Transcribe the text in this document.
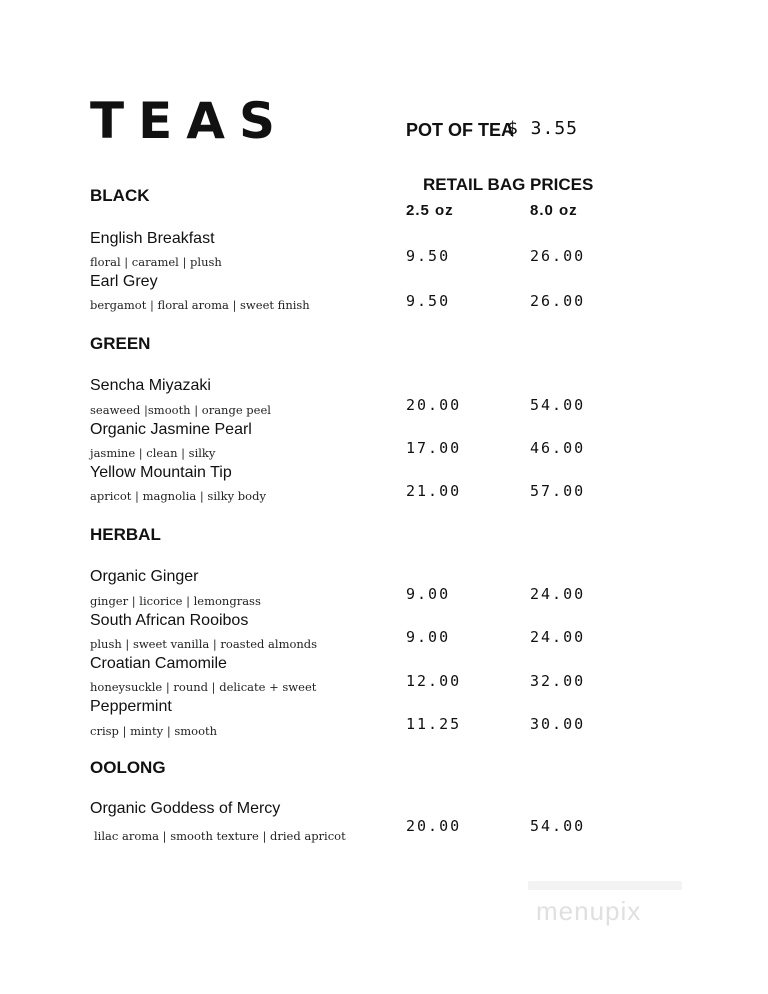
TEAS	POT OF TEA
$ 3.55
RETAIL BAG PRICES
2.5 oz	8.0 oz
BLACK
English Breakfast
floral | caramel | plush	9.50	26.00
Earl Grey
bergamot | floral aroma | sweet finish	9.50	26.00
GREEN
Sencha Miyazaki
seaweed |smooth | orange peel	20.00	54.00
Organic Jasmine Pearl
jasmine | clean | silky	17.00	46.00
Yellow Mountain Tip
apricot | magnolia | silky body	21.00	57.00
HERBAL
Organic Ginger
ginger | licorice | lemongrass	9.00	24.00
South African Rooibos
plush | sweet vanilla | roasted almonds	9.00	24.00
Croatian Camomile
honeysuckle | round | delicate + sweet	12.00	32.00
Peppermint
crisp | minty | smooth	11.25	30.00
OOLONG
Organic Goddess of Mercy
lilac aroma | smooth texture | dried apricot
20.00	54.00
menupix
